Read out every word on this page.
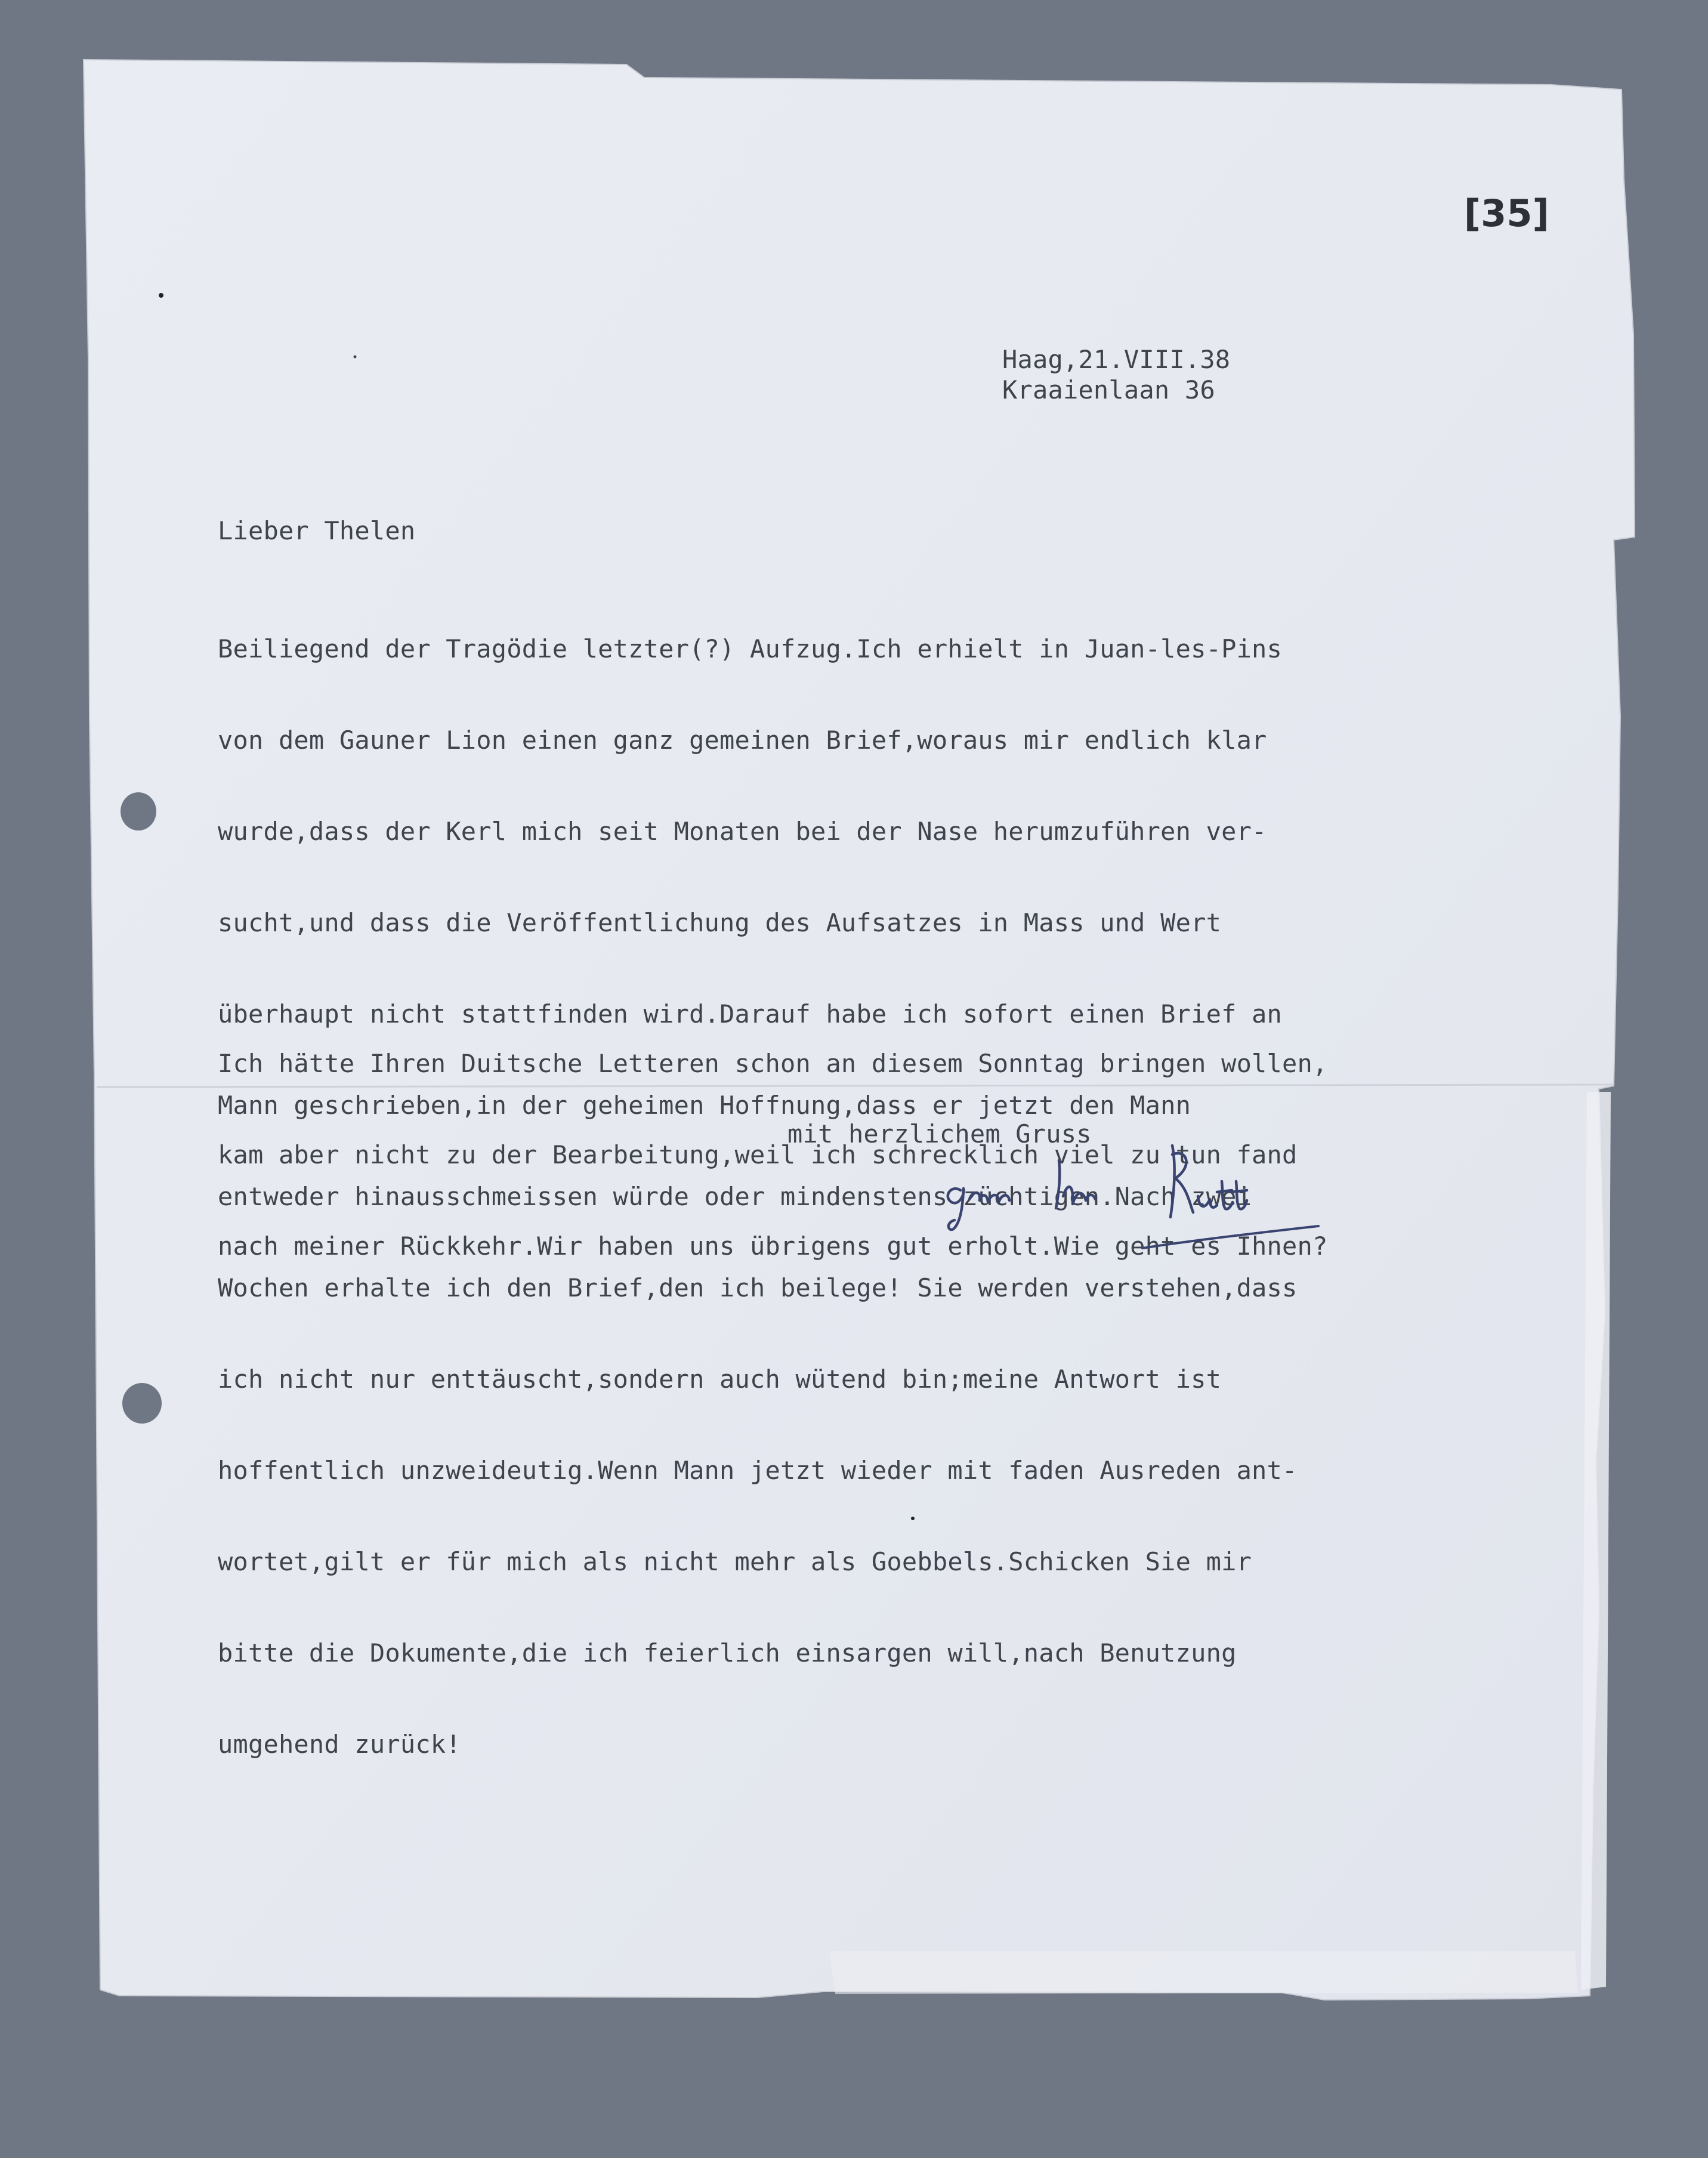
[35]

Haag,21.VIII.38
Kraaienlaan 36
Lieber Thelen

Beiliegend der Tragödie letzter(?) Aufzug.Ich erhielt in Juan-les-Pins

von dem Gauner Lion einen ganz gemeinen Brief,woraus mir endlich klar

wurde,dass der Kerl mich seit Monaten bei der Nase herumzuführen ver-

sucht,und dass die Veröffentlichung des Aufsatzes in Mass und Wert

überhaupt nicht stattfinden wird.Darauf habe ich sofort einen Brief an

Mann geschrieben,in der geheimen Hoffnung,dass er jetzt den Mann

entweder hinausschmeissen würde oder mindenstens züchtigen.Nach zwei

Wochen erhalte ich den Brief,den ich beilege! Sie werden verstehen,dass

ich nicht nur enttäuscht,sondern auch wütend bin;meine Antwort ist

hoffentlich unzweideutig.Wenn Mann jetzt wieder mit faden Ausreden ant-

wortet,gilt er für mich als nicht mehr als Goebbels.Schicken Sie mir

bitte die Dokumente,die ich feierlich einsargen will,nach Benutzung

umgehend zurück!

Ich hätte Ihren Duitsche Letteren schon an diesem Sonntag bringen wollen,

kam aber nicht zu der Bearbeitung,weil ich schrecklich viel zu tun fand

nach meiner Rückkehr.Wir haben uns übrigens gut erholt.Wie geht es Ihnen?

mit herzlichem Gruss
